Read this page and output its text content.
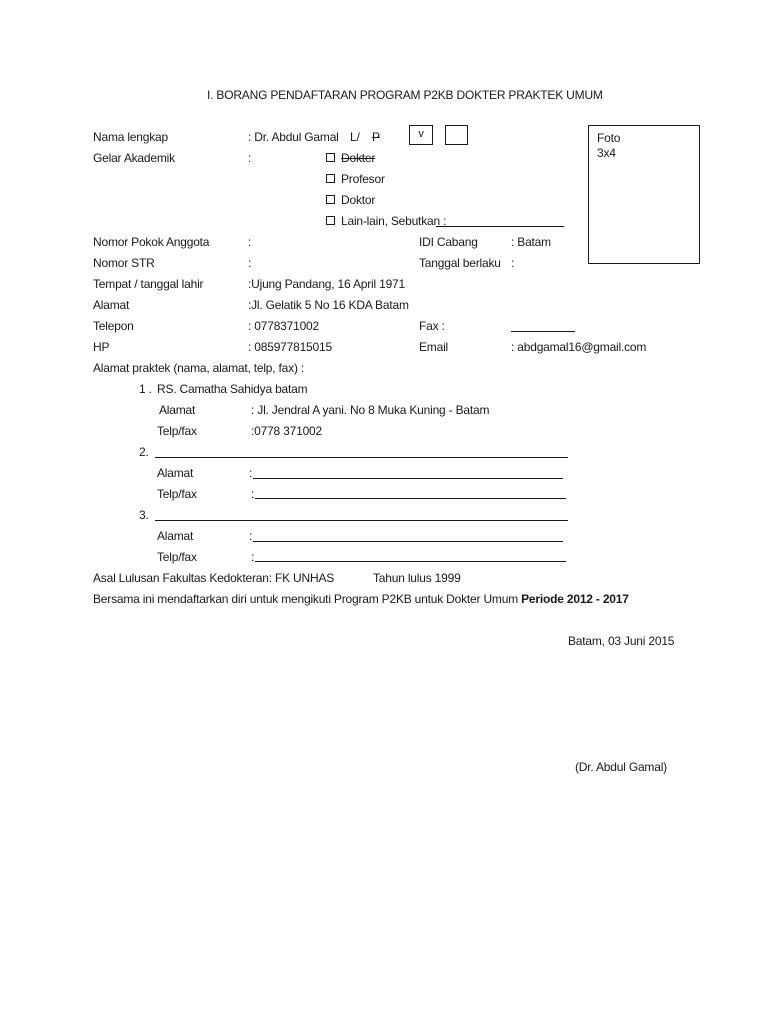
I. BORANG PENDAFTARAN PROGRAM P2KB DOKTER PRAKTEK UMUM
Foto
3x4
Nama lengkap	: Dr. Abdul Gamal L/ P	v
Gelar Akademik	:	Dokter
Profesor
Doktor
Lain-lain, Sebutkan :
Nomor Pokok Anggota	:	IDI Cabang	: Batam
Nomor STR	:	Tanggal berlaku :
Tempat / tanggal lahir	:Ujung Pandang, 16 April 1971
Alamat	:Jl. Gelatik 5 No 16 KDA Batam
Telepon	: 0778371002	Fax :
HP	: 085977815015	Email	: abdgamal16@gmail.com
Alamat praktek (nama, alamat, telp, fax) :
1 . RS. Camatha Sahidya batam
Alamat	: Jl. Jendral A yani. No 8 Muka Kuning - Batam
Telp/fax	:0778 371002
2.
Alamat	:
Telp/fax	:
3.
Alamat	:
Telp/fax	:
Asal Lulusan Fakultas Kedokteran: FK UNHAS	Tahun lulus 1999
Bersama ini mendaftarkan diri untuk mengikuti Program P2KB untuk Dokter Umum Periode 2012 - 2017
Batam, 03 Juni 2015
(Dr. Abdul Gamal)
